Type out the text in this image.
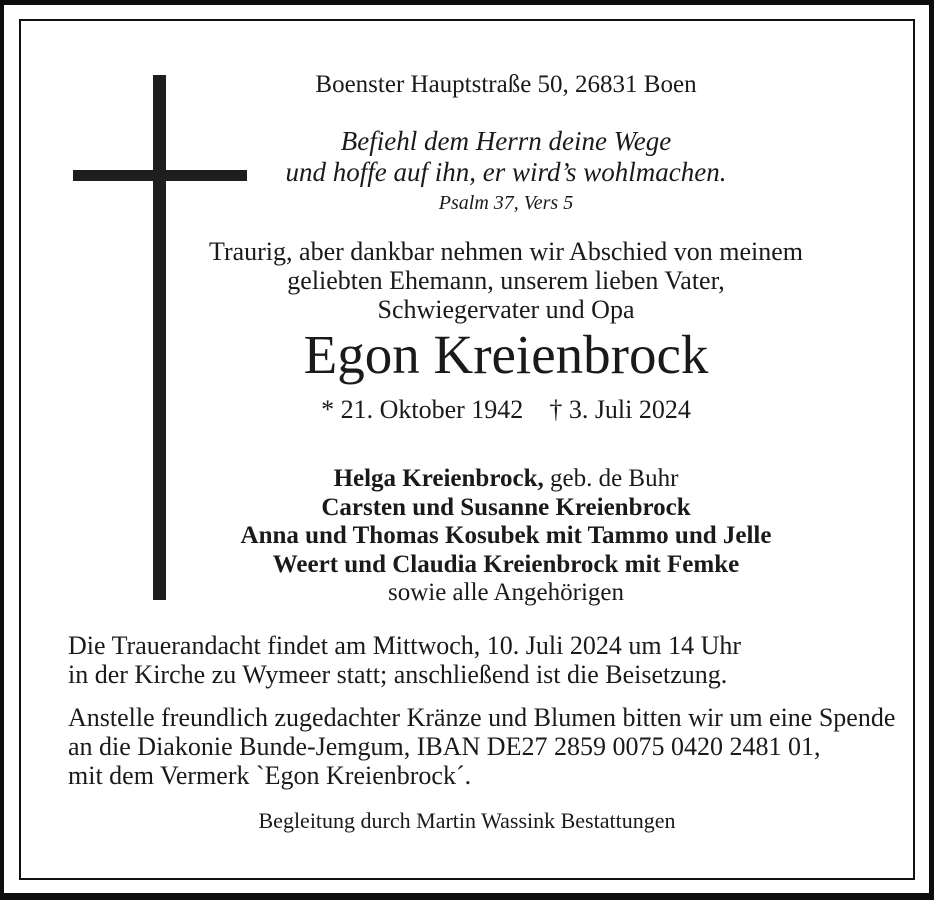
Boenster Hauptstraße 50, 26831 Boen
Befiehl dem Herrn deine Wege
und hoffe auf ihn, er wird’s wohlmachen.
Psalm 37, Vers 5
Traurig, aber dankbar nehmen wir Abschied von meinem
geliebten Ehemann, unserem lieben Vater,
Schwiegervater und Opa
Egon Kreienbrock
* 21. Oktober 1942 † 3. Juli 2024
Helga Kreienbrock, geb. de Buhr
Carsten und Susanne Kreienbrock
Anna und Thomas Kosubek mit Tammo und Jelle
Weert und Claudia Kreienbrock mit Femke
sowie alle Angehörigen
Die Trauerandacht findet am Mittwoch, 10. Juli 2024 um 14 Uhr
in der Kirche zu Wymeer statt; anschließend ist die Beisetzung.
Anstelle freundlich zugedachter Kränze und Blumen bitten wir um eine Spende
an die Diakonie Bunde-Jemgum, IBAN DE27 2859 0075 0420 2481 01,
mit dem Vermerk `Egon Kreienbrock´.
Begleitung durch Martin Wassink Bestattungen
